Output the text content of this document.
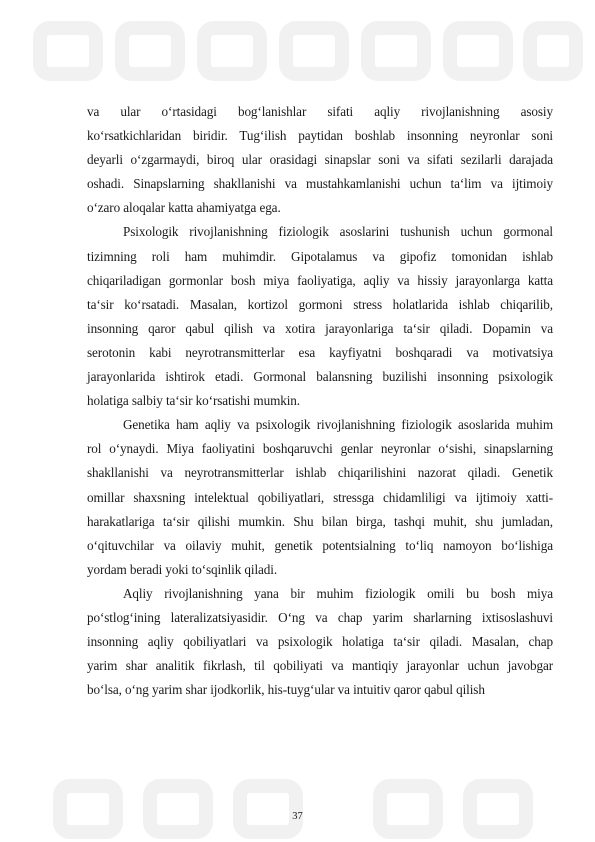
va ular o‘rtasidagi bog‘lanishlar sifati aqliy rivojlanishning asosiy

ko‘rsatkichlaridan biridir. Tug‘ilish paytidan boshlab insonning neyronlar soni

deyarli o‘zgarmaydi, biroq ular orasidagi sinapslar soni va sifati sezilarli darajada

oshadi. Sinapslarning shakllanishi va mustahkamlanishi uchun ta‘lim va ijtimoiy

o‘zaro aloqalar katta ahamiyatga ega.

Psixologik rivojlanishning fiziologik asoslarini tushunish uchun gormonal

tizimning roli ham muhimdir. Gipotalamus va gipofiz tomonidan ishlab

chiqariladigan gormonlar bosh miya faoliyatiga, aqliy va hissiy jarayonlarga katta

ta‘sir ko‘rsatadi. Masalan, kortizol gormoni stress holatlarida ishlab chiqarilib,

insonning qaror qabul qilish va xotira jarayonlariga ta‘sir qiladi. Dopamin va

serotonin kabi neyrotransmitterlar esa kayfiyatni boshqaradi va motivatsiya

jarayonlarida ishtirok etadi. Gormonal balansning buzilishi insonning psixologik

holatiga salbiy ta‘sir ko‘rsatishi mumkin.

Genetika ham aqliy va psixologik rivojlanishning fiziologik asoslarida muhim

rol o‘ynaydi. Miya faoliyatini boshqaruvchi genlar neyronlar o‘sishi, sinapslarning

shakllanishi va neyrotransmitterlar ishlab chiqarilishini nazorat qiladi. Genetik

omillar shaxsning intelektual qobiliyatlari, stressga chidamliligi va ijtimoiy xatti-

harakatlariga ta‘sir qilishi mumkin. Shu bilan birga, tashqi muhit, shu jumladan,

o‘qituvchilar va oilaviy muhit, genetik potentsialning to‘liq namoyon bo‘lishiga

yordam beradi yoki to‘sqinlik qiladi.

Aqliy rivojlanishning yana bir muhim fiziologik omili bu bosh miya

po‘stlog‘ining lateralizatsiyasidir. O‘ng va chap yarim sharlarning ixtisoslashuvi

insonning aqliy qobiliyatlari va psixologik holatiga ta‘sir qiladi. Masalan, chap

yarim shar analitik fikrlash, til qobiliyati va mantiqiy jarayonlar uchun javobgar

bo‘lsa, o‘ng yarim shar ijodkorlik, his-tuyg‘ular va intuitiv qaror qabul qilish

37
